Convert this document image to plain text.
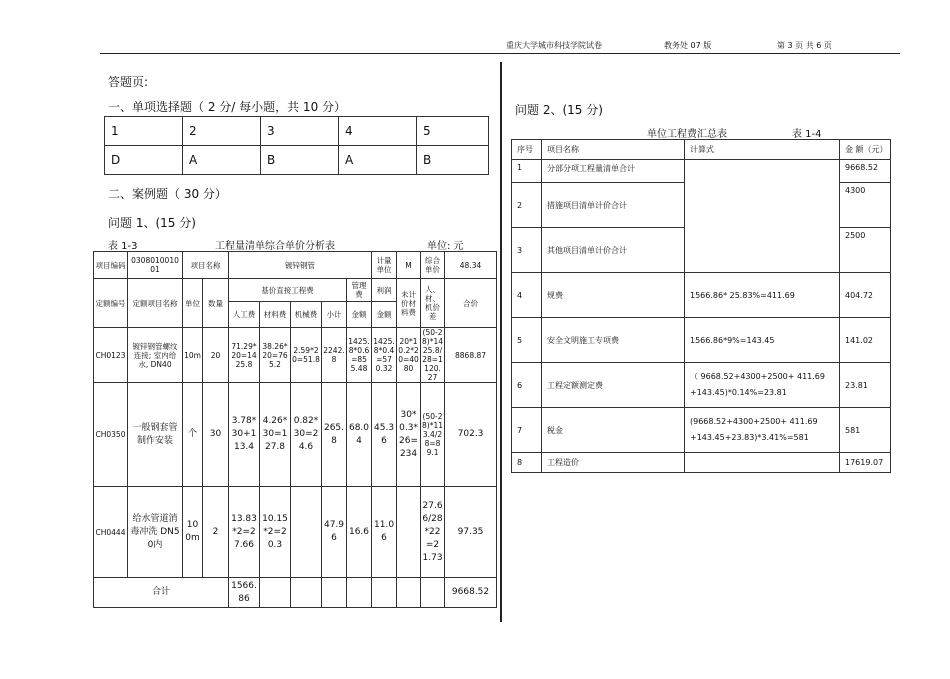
重庆大学城市科技学院试卷	教务处 07 版	第 3 页 共 6 页
答题页:
一、单项选择题（ 2 分/ 每小题，共 10 分）
1	2	3	4	5
D	A	B	A	B
二、案例题（ 30 分）
问题 1、(15 分)
表 1-3	工程量清单综合单价分析表	单位: 元
项目编码	030801001001	项目名称		镀锌钢管					计量单位	M	综合单价	48.34
定额编号	定额项目名称	单位	数量	基价直接工程费				管理费	利润	未计价材料费	人、材、机价差	合价
				人工费	材料费	机械费	小计	金额	金额			
CH0123	镀锌钢管螺纹连接; 室内给水, DN40	10m	20	71.29*20=1425.8	38.26*20=765.2	2.59*20=51.8	2242.8	1425.8*0.6=855.48	1425.8*0.4=570.32	20*10.2*20=4080	(50-28)*14 25.8/28=1120.27	8868.87
CH0350	一般钢套管制作安装	个	30	3.78*30+113.4	4.26*30=127.8	0.82*30=24.6	265.8	68.04	45.36	30*0.3*26=234	(50-28)*113.4/28=89.1	702.3
CH0444	给水管道消毒冲洗 DN50内	10 0m	2	13.83*2=27.66	10.15*2=20.3		47.96	16.6	11.06		27.66/28*22=21.73	97.35
合计				1566.86								9668.52
问题 2、(15 分)
单位工程费汇总表	表 1-4
序号	项目名称	计算式	金 额（元）
1	分部分项工程量清单合计		9668.52
2	措施项目清单计价合计		4300
3	其他项目清单计价合计		2500
4	规费	1566.86* 25.83%=411.69	404.72
5	安全文明施工专项费	1566.86*9%=143.45	141.02
6	工程定额测定费	（ 9668.52+4300+2500+ 411.69 +143.45)*0.14%=23.81	23.81
7	税金	(9668.52+4300+2500+ 411.69 +143.45+23.83)*3.41%=581	581
8	工程造价		17619.07
